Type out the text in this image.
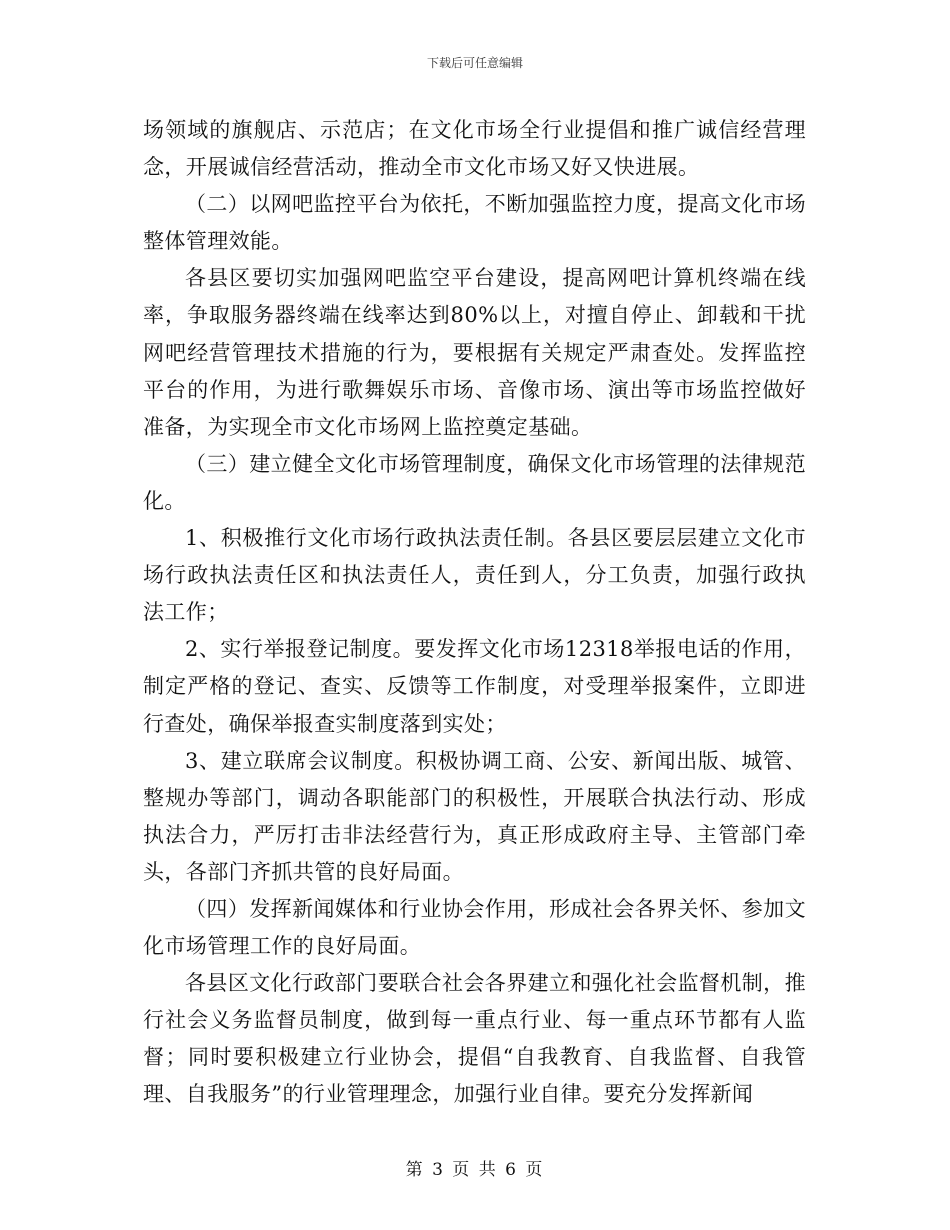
下载后可任意编辑

场领域的旗舰店、示范店；在文化市场全行业提倡和推广诚信经营理念，开展诚信经营活动，推动全市文化市场又好又快进展。

（二）以网吧监控平台为依托，不断加强监控力度，提高文化市场整体管理效能。

各县区要切实加强网吧监空平台建设，提高网吧计算机终端在线率，争取服务器终端在线率达到80%以上，对擅自停止、卸载和干扰网吧经营管理技术措施的行为，要根据有关规定严肃查处。发挥监控平台的作用，为进行歌舞娱乐市场、音像市场、演出等市场监控做好准备，为实现全市文化市场网上监控奠定基础。

（三）建立健全文化市场管理制度，确保文化市场管理的法律规范化。

1、积极推行文化市场行政执法责任制。各县区要层层建立文化市场行政执法责任区和执法责任人，责任到人，分工负责，加强行政执法工作；

2、实行举报登记制度。要发挥文化市场12318举报电话的作用，制定严格的登记、查实、反馈等工作制度，对受理举报案件，立即进行查处，确保举报查实制度落到实处；

3、建立联席会议制度。积极协调工商、公安、新闻出版、城管、整规办等部门，调动各职能部门的积极性，开展联合执法行动、形成执法合力，严厉打击非法经营行为，真正形成政府主导、主管部门牵头，各部门齐抓共管的良好局面。

（四）发挥新闻媒体和行业协会作用，形成社会各界关怀、参加文化市场管理工作的良好局面。

各县区文化行政部门要联合社会各界建立和强化社会监督机制，推行社会义务监督员制度，做到每一重点行业、每一重点环节都有人监督；同时要积极建立行业协会，提倡“自我教育、自我监督、自我管理、自我服务”的行业管理理念，加强行业自律。要充分发挥新闻

第 3 页 共 6 页
